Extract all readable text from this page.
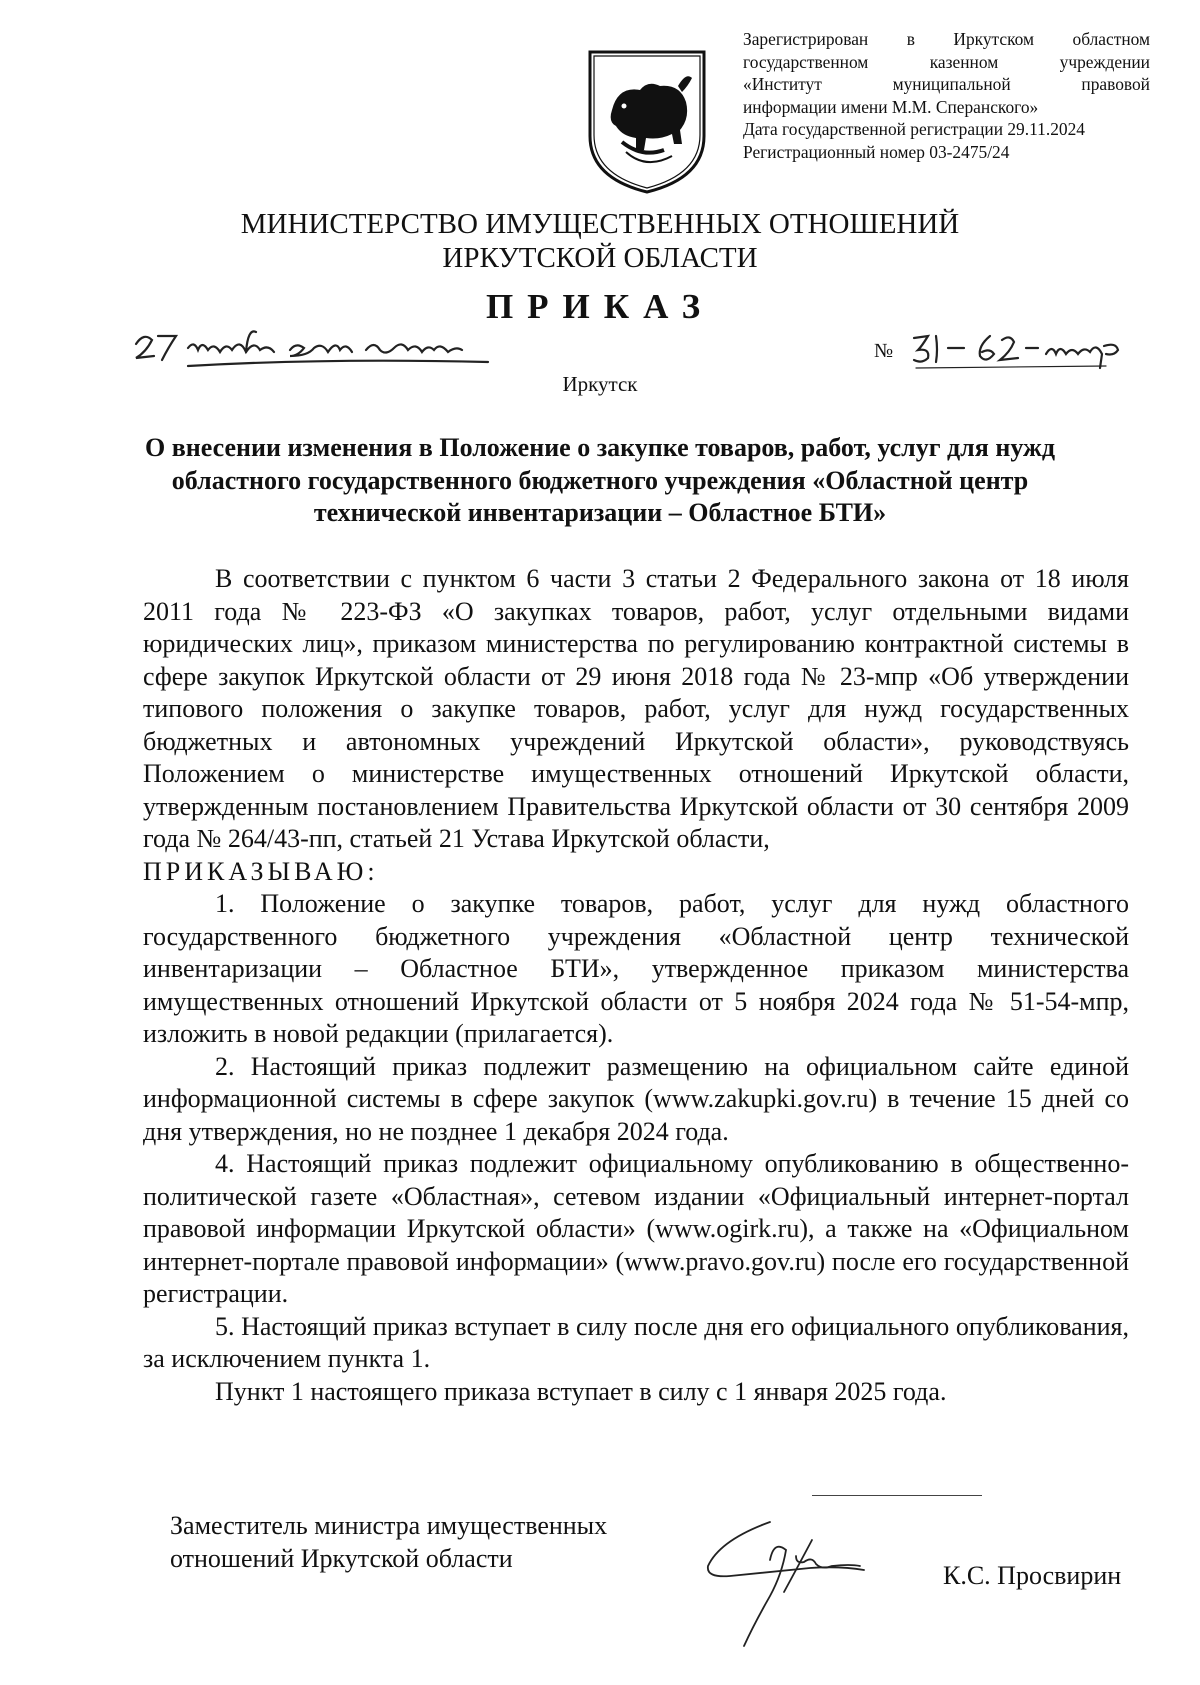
Зарегистрирован в Иркутском областном
государственном казенном учреждении
«Институт муниципальной правовой
информации имени М.М. Сперанского»
Дата государственной регистрации 29.11.2024
Регистрационный номер 03-2475/24
МИНИСТЕРСТВО ИМУЩЕСТВЕННЫХ ОТНОШЕНИЙ
ИРКУТСКОЙ ОБЛАСТИ
ПРИКАЗ
№
Иркутск
О внесении изменения в Положение о закупке товаров, работ, услуг для нужд областного государственного бюджетного учреждения «Областной центр технической инвентаризации – Областное БТИ»

В соответствии с пунктом 6 части 3 статьи 2 Федерального закона от 18 июля 2011 года № 223-ФЗ «О закупках товаров, работ, услуг отдельными видами юридических лиц», приказом министерства по регулированию контрактной системы в сфере закупок Иркутской области от 29 июня 2018 года № 23-мпр «Об утверждении типового положения о закупке товаров, работ, услуг для нужд государственных бюджетных и автономных учреждений Иркутской области», руководствуясь Положением о министерстве имущественных отношений Иркутской области, утвержденным постановлением Правительства Иркутской области от 30 сентября 2009 года № 264/43-пп, статьей 21 Устава Иркутской области,

ПРИКАЗЫВАЮ:

1. Положение о закупке товаров, работ, услуг для нужд областного государственного бюджетного учреждения «Областной центр технической инвентаризации – Областное БТИ», утвержденное приказом министерства имущественных отношений Иркутской области от 5 ноября 2024 года № 51-54-мпр, изложить в новой редакции (прилагается).

2. Настоящий приказ подлежит размещению на официальном сайте единой информационной системы в сфере закупок (www.zakupki.gov.ru) в течение 15 дней со дня утверждения, но не позднее 1 декабря 2024 года.

4. Настоящий приказ подлежит официальному опубликованию в общественно-политической газете «Областная», сетевом издании «Официальный интернет-портал правовой информации Иркутской области» (www.ogirk.ru), а также на «Официальном интернет-портале правовой информации» (www.pravo.gov.ru) после его государственной регистрации.

5. Настоящий приказ вступает в силу после дня его официального опубликования, за исключением пункта 1.

Пункт 1 настоящего приказа вступает в силу с 1 января 2025 года.

Заместитель министра имущественных
отношений Иркутской области
К.С. Просвирин
